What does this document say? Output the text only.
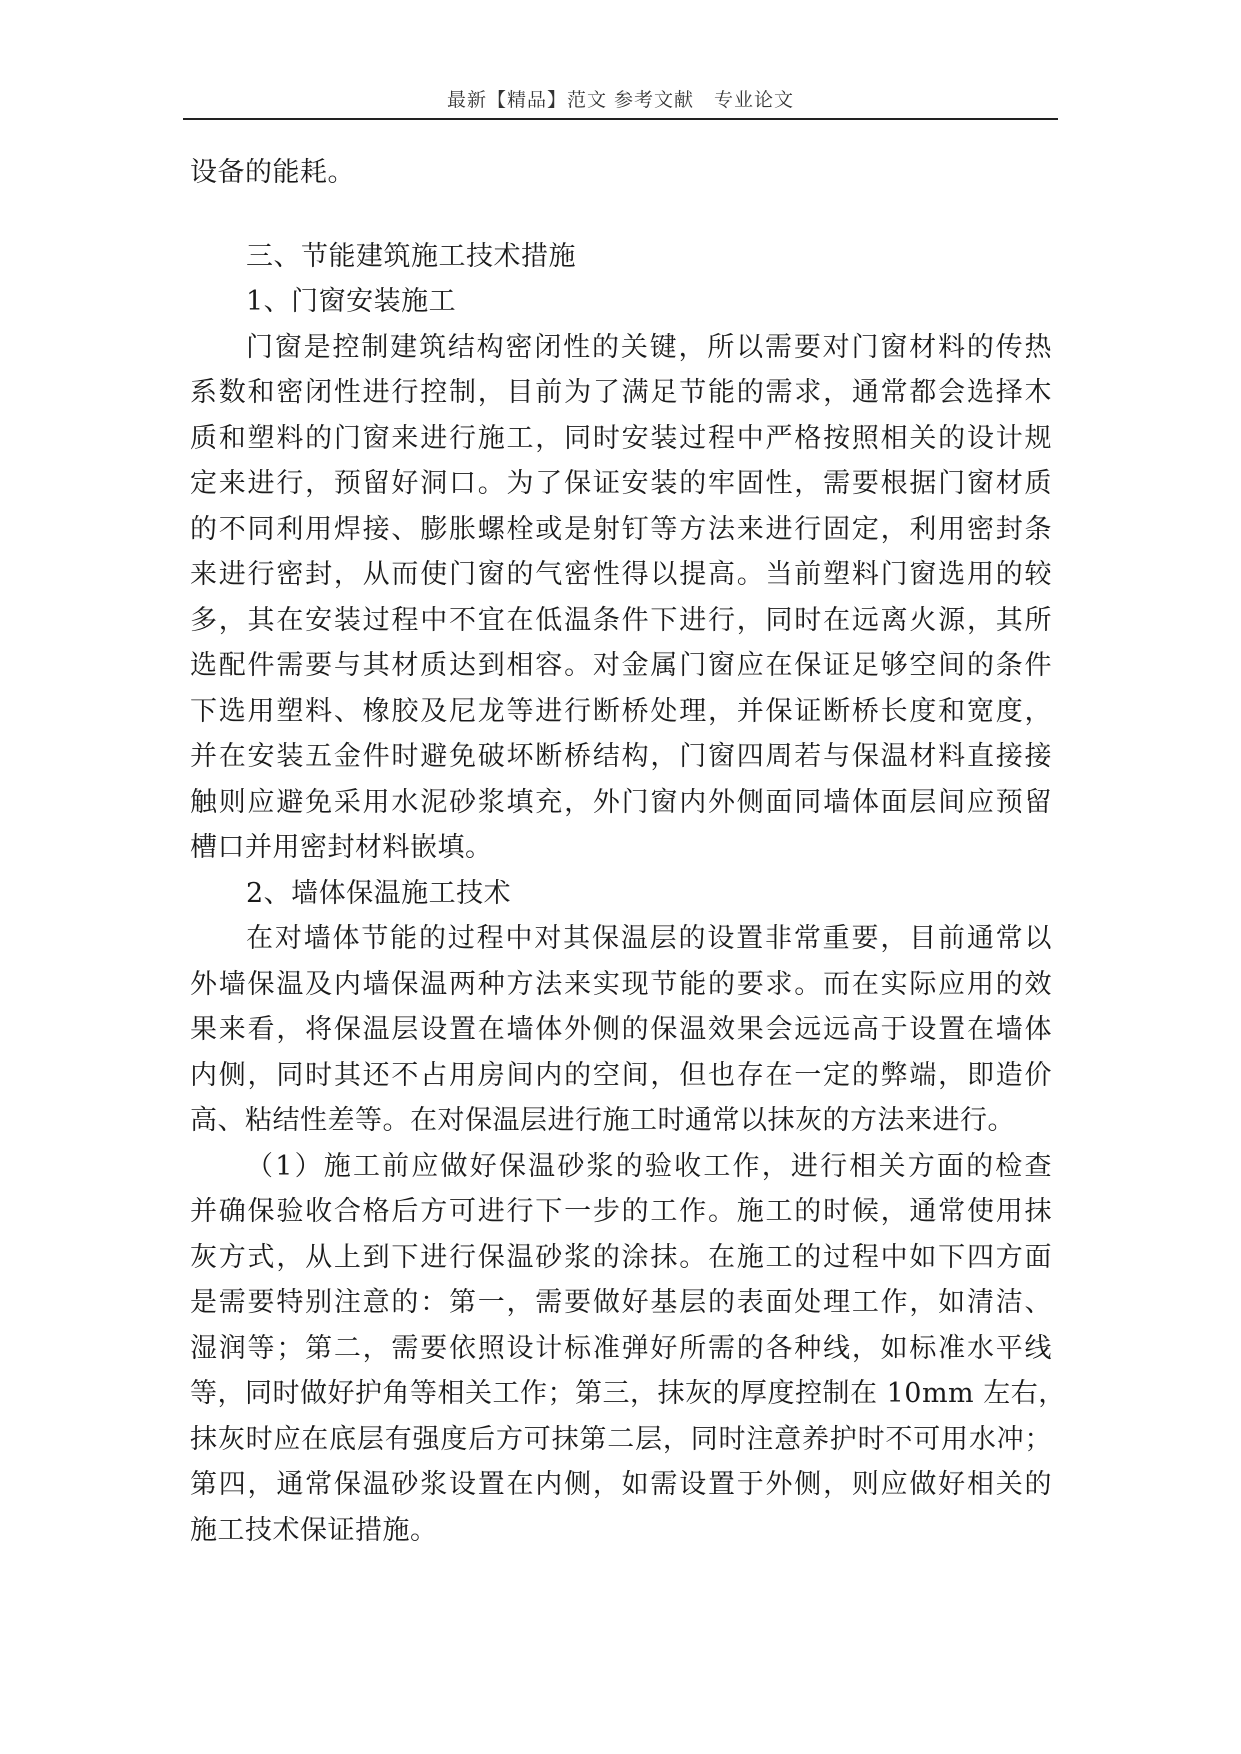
最新【精品】范文 参考文献　专业论文
设备的能耗。
三、节能建筑施工技术措施
1、门窗安装施工
门窗是控制建筑结构密闭性的关键，所以需要对门窗材料的传热
系数和密闭性进行控制，目前为了满足节能的需求，通常都会选择木
质和塑料的门窗来进行施工，同时安装过程中严格按照相关的设计规
定来进行，预留好洞口。为了保证安装的牢固性，需要根据门窗材质
的不同利用焊接、膨胀螺栓或是射钉等方法来进行固定，利用密封条
来进行密封，从而使门窗的气密性得以提高。当前塑料门窗选用的较
多，其在安装过程中不宜在低温条件下进行，同时在远离火源，其所
选配件需要与其材质达到相容。对金属门窗应在保证足够空间的条件
下选用塑料、橡胶及尼龙等进行断桥处理，并保证断桥长度和宽度，
并在安装五金件时避免破坏断桥结构，门窗四周若与保温材料直接接
触则应避免采用水泥砂浆填充，外门窗内外侧面同墙体面层间应预留
槽口并用密封材料嵌填。
2、墙体保温施工技术
在对墙体节能的过程中对其保温层的设置非常重要，目前通常以
外墙保温及内墙保温两种方法来实现节能的要求。而在实际应用的效
果来看，将保温层设置在墙体外侧的保温效果会远远高于设置在墙体
内侧，同时其还不占用房间内的空间，但也存在一定的弊端，即造价
高、粘结性差等。在对保温层进行施工时通常以抹灰的方法来进行。
（1）施工前应做好保温砂浆的验收工作，进行相关方面的检查
并确保验收合格后方可进行下一步的工作。施工的时候，通常使用抹
灰方式，从上到下进行保温砂浆的涂抹。在施工的过程中如下四方面
是需要特别注意的：第一，需要做好基层的表面处理工作，如清洁、
湿润等；第二，需要依照设计标准弹好所需的各种线，如标准水平线
等，同时做好护角等相关工作；第三，抹灰的厚度控制在 10mm 左右，
抹灰时应在底层有强度后方可抹第二层，同时注意养护时不可用水冲；
第四，通常保温砂浆设置在内侧，如需设置于外侧，则应做好相关的
施工技术保证措施。
